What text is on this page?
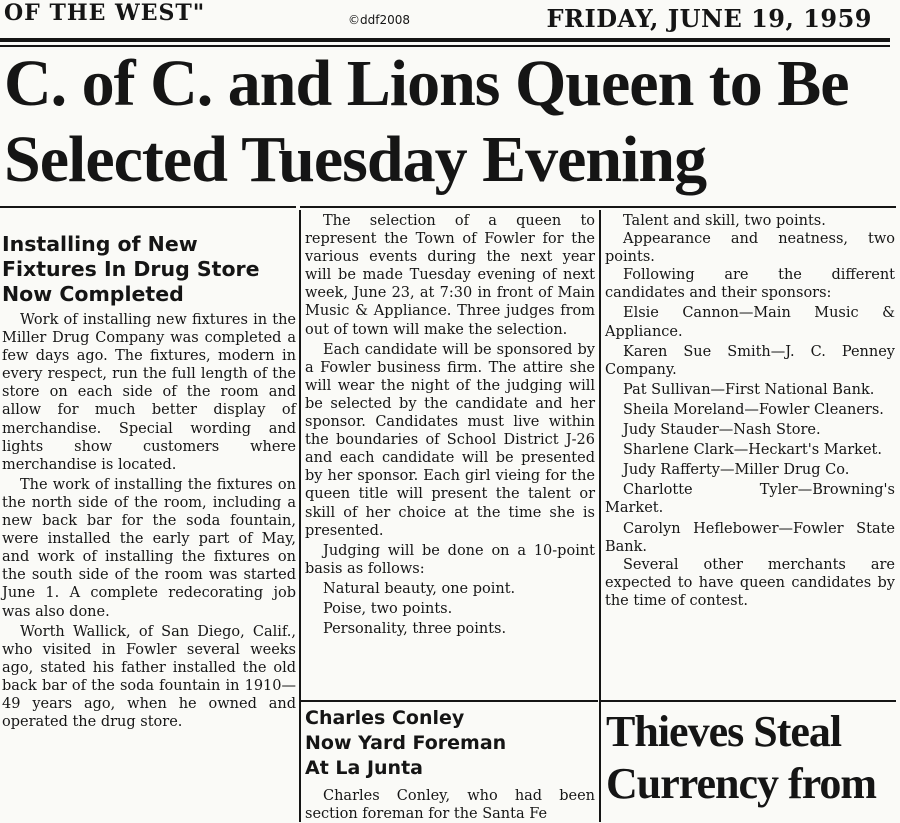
OF THE WEST"	©ddf2008	FRIDAY, JUNE 19, 1959
C. of C. and Lions Queen to Be
Selected Tuesday Evening
Installing of New
Fixtures In Drug Store
Now Completed

Work of installing new fixtures in the Miller Drug Company was completed a few days ago. The fixtures, modern in every respect, run the full length of the store on each side of the room and allow for much better display of merchandise. Special wording and lights show customers where merchandise is located.

The work of installing the fixtures on the north side of the room, including a new back bar for the soda fountain, were installed the early part of May, and work of installing the fixtures on the south side of the room was started June 1. A complete redecorating job was also done.

Worth Wallick, of San Diego, Calif., who visited in Fowler several weeks ago, stated his father installed the old back bar of the soda fountain in 1910—49 years ago, when he owned and operated the drug store.

The selection of a queen to represent the Town of Fowler for the various events during the next year will be made Tuesday evening of next week, June 23, at 7:30 in front of Main Music & Appliance. Three judges from out of town will make the selection.

Each candidate will be sponsored by a Fowler business firm. The attire she will wear the night of the judging will be selected by the candidate and her sponsor. Candidates must live within the boundaries of School District J-26 and each candidate will be presented by her sponsor. Each girl vieing for the queen title will present the talent or skill of her choice at the time she is presented.

Judging will be done on a 10-point basis as follows:

Natural beauty, one point.

Poise, two points.

Personality, three points.

Talent and skill, two points.

Appearance and neatness, two points.

Following are the different candidates and their sponsors:

Elsie Cannon—Main Music & Appliance.

Karen Sue Smith—J. C. Penney Company.

Pat Sullivan—First National Bank.

Sheila Moreland—Fowler Cleaners.

Judy Stauder—Nash Store.

Sharlene Clark—Heckart's Market.

Judy Rafferty—Miller Drug Co.

Charlotte Tyler—Browning's Market.

Carolyn Heflebower—Fowler State Bank.

Several other merchants are expected to have queen candidates by the time of contest.

Charles Conley
Now Yard Foreman
At La Junta

Charles Conley, who had been section foreman for the Santa Fe

Thieves Steal
Currency from
